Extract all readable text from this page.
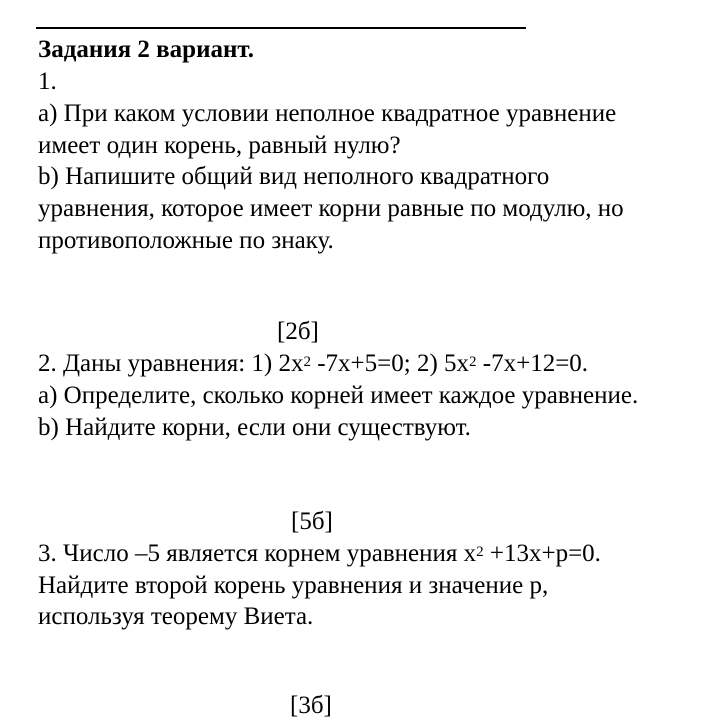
Задания 2 вариант.
1.
a) При каком условии неполное квадратное уравнение
имеет один корень, равный нулю?
b) Напишите общий вид неполного квадратного
уравнения, которое имеет корни равные по модулю, но
противоположные по знаку.
[2б]
2. Даны уравнения: 1) $2x^2$ -7x+5=0; 2) $5x^2$ -7x+12=0.
a) Определите, сколько корней имеет каждое уравнение.
b) Найдите корни, если они существуют.
[5б]
3. Число –5 является корнем уравнения $x^2 +13x+p=0$.
Найдите второй корень уравнения и значение p,
используя теорему Виета.
[3б]
